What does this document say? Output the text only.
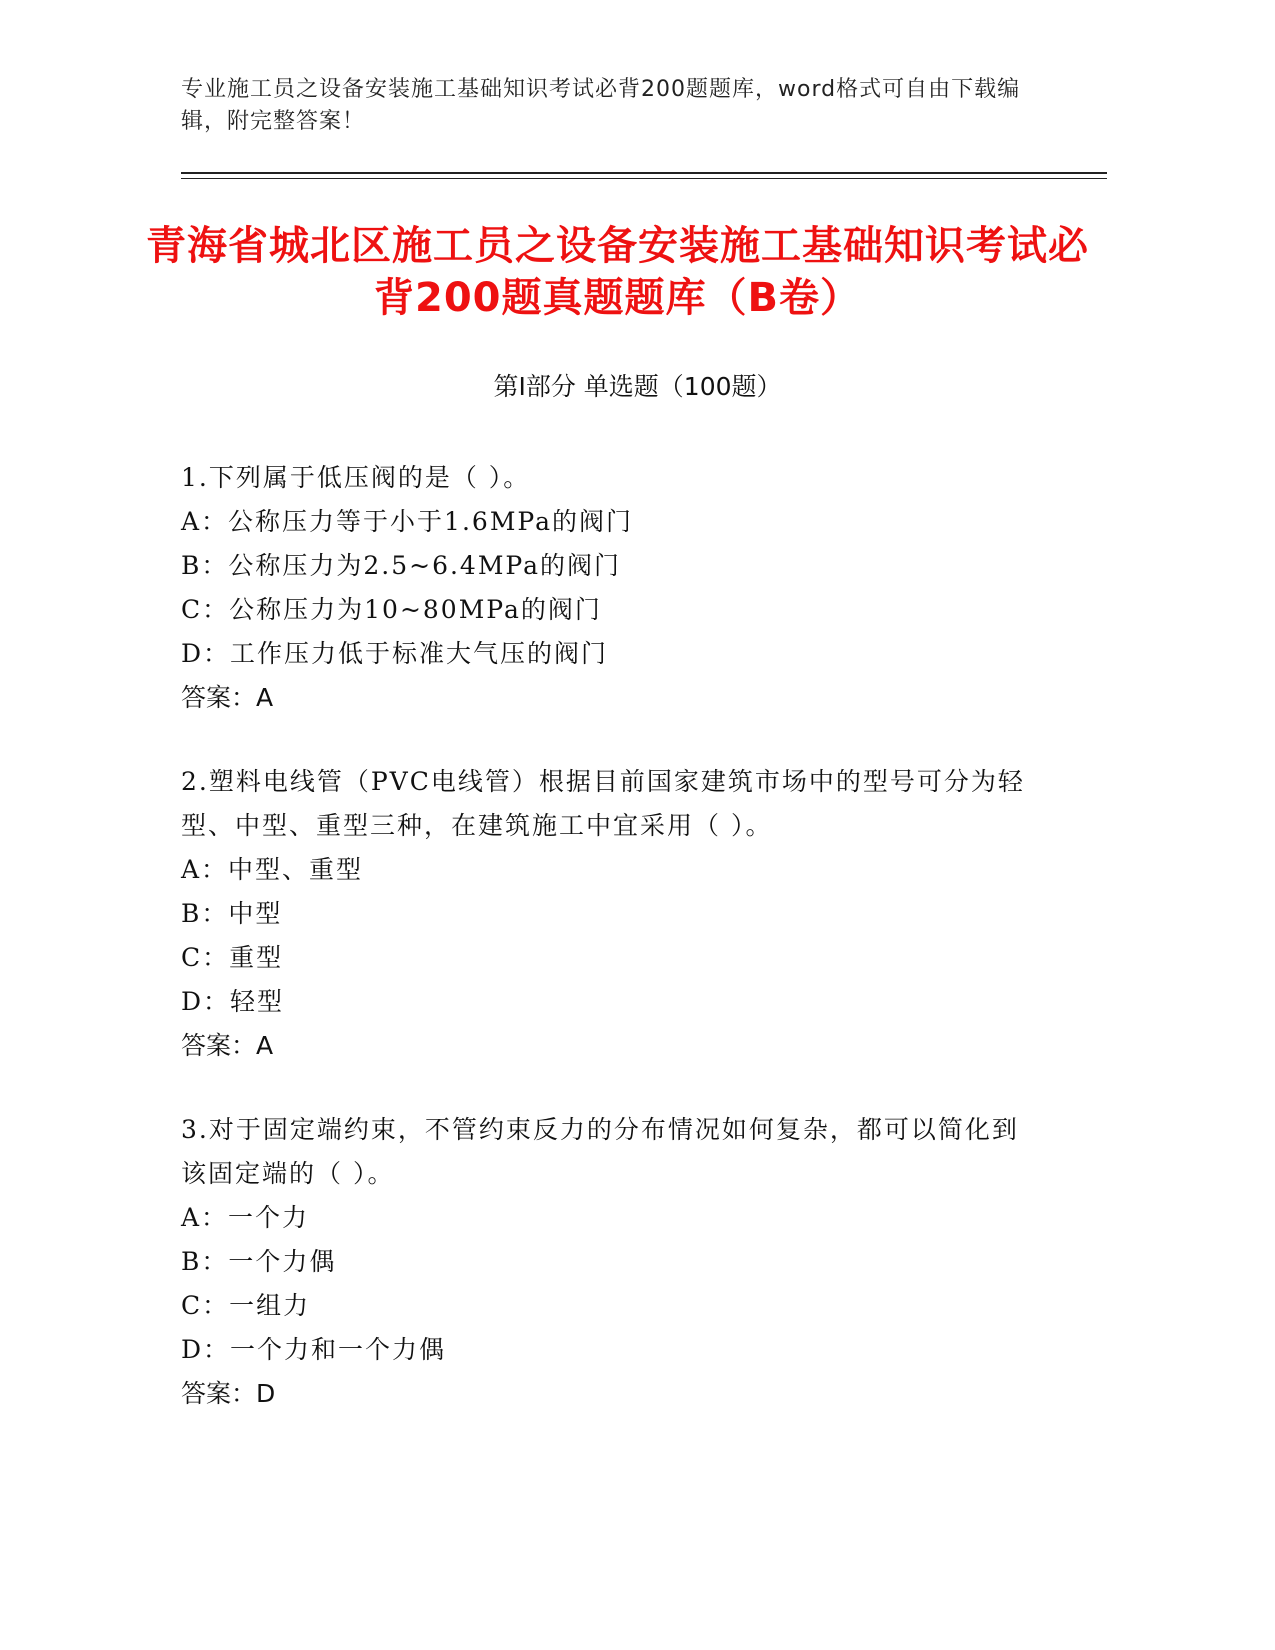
专业施工员之设备安装施工基础知识考试必背200题题库，word格式可自由下载编辑，附完整答案！
青海省城北区施工员之设备安装施工基础知识考试必背200题真题题库（B卷）
第Ⅰ部分 单选题（100题）
1.下列属于低压阀的是（ ）。
A：公称压力等于小于1.6MPa的阀门
B：公称压力为2.5~6.4MPa的阀门
C：公称压力为10~80MPa的阀门
D：工作压力低于标准大气压的阀门
答案：A
2.塑料电线管（PVC电线管）根据目前国家建筑市场中的型号可分为轻型、中型、重型三种，在建筑施工中宜采用（ ）。
A：中型、重型
B：中型
C：重型
D：轻型
答案：A
3.对于固定端约束，不管约束反力的分布情况如何复杂，都可以简化到该固定端的（ ）。
A：一个力
B：一个力偶
C：一组力
D：一个力和一个力偶
答案：D
